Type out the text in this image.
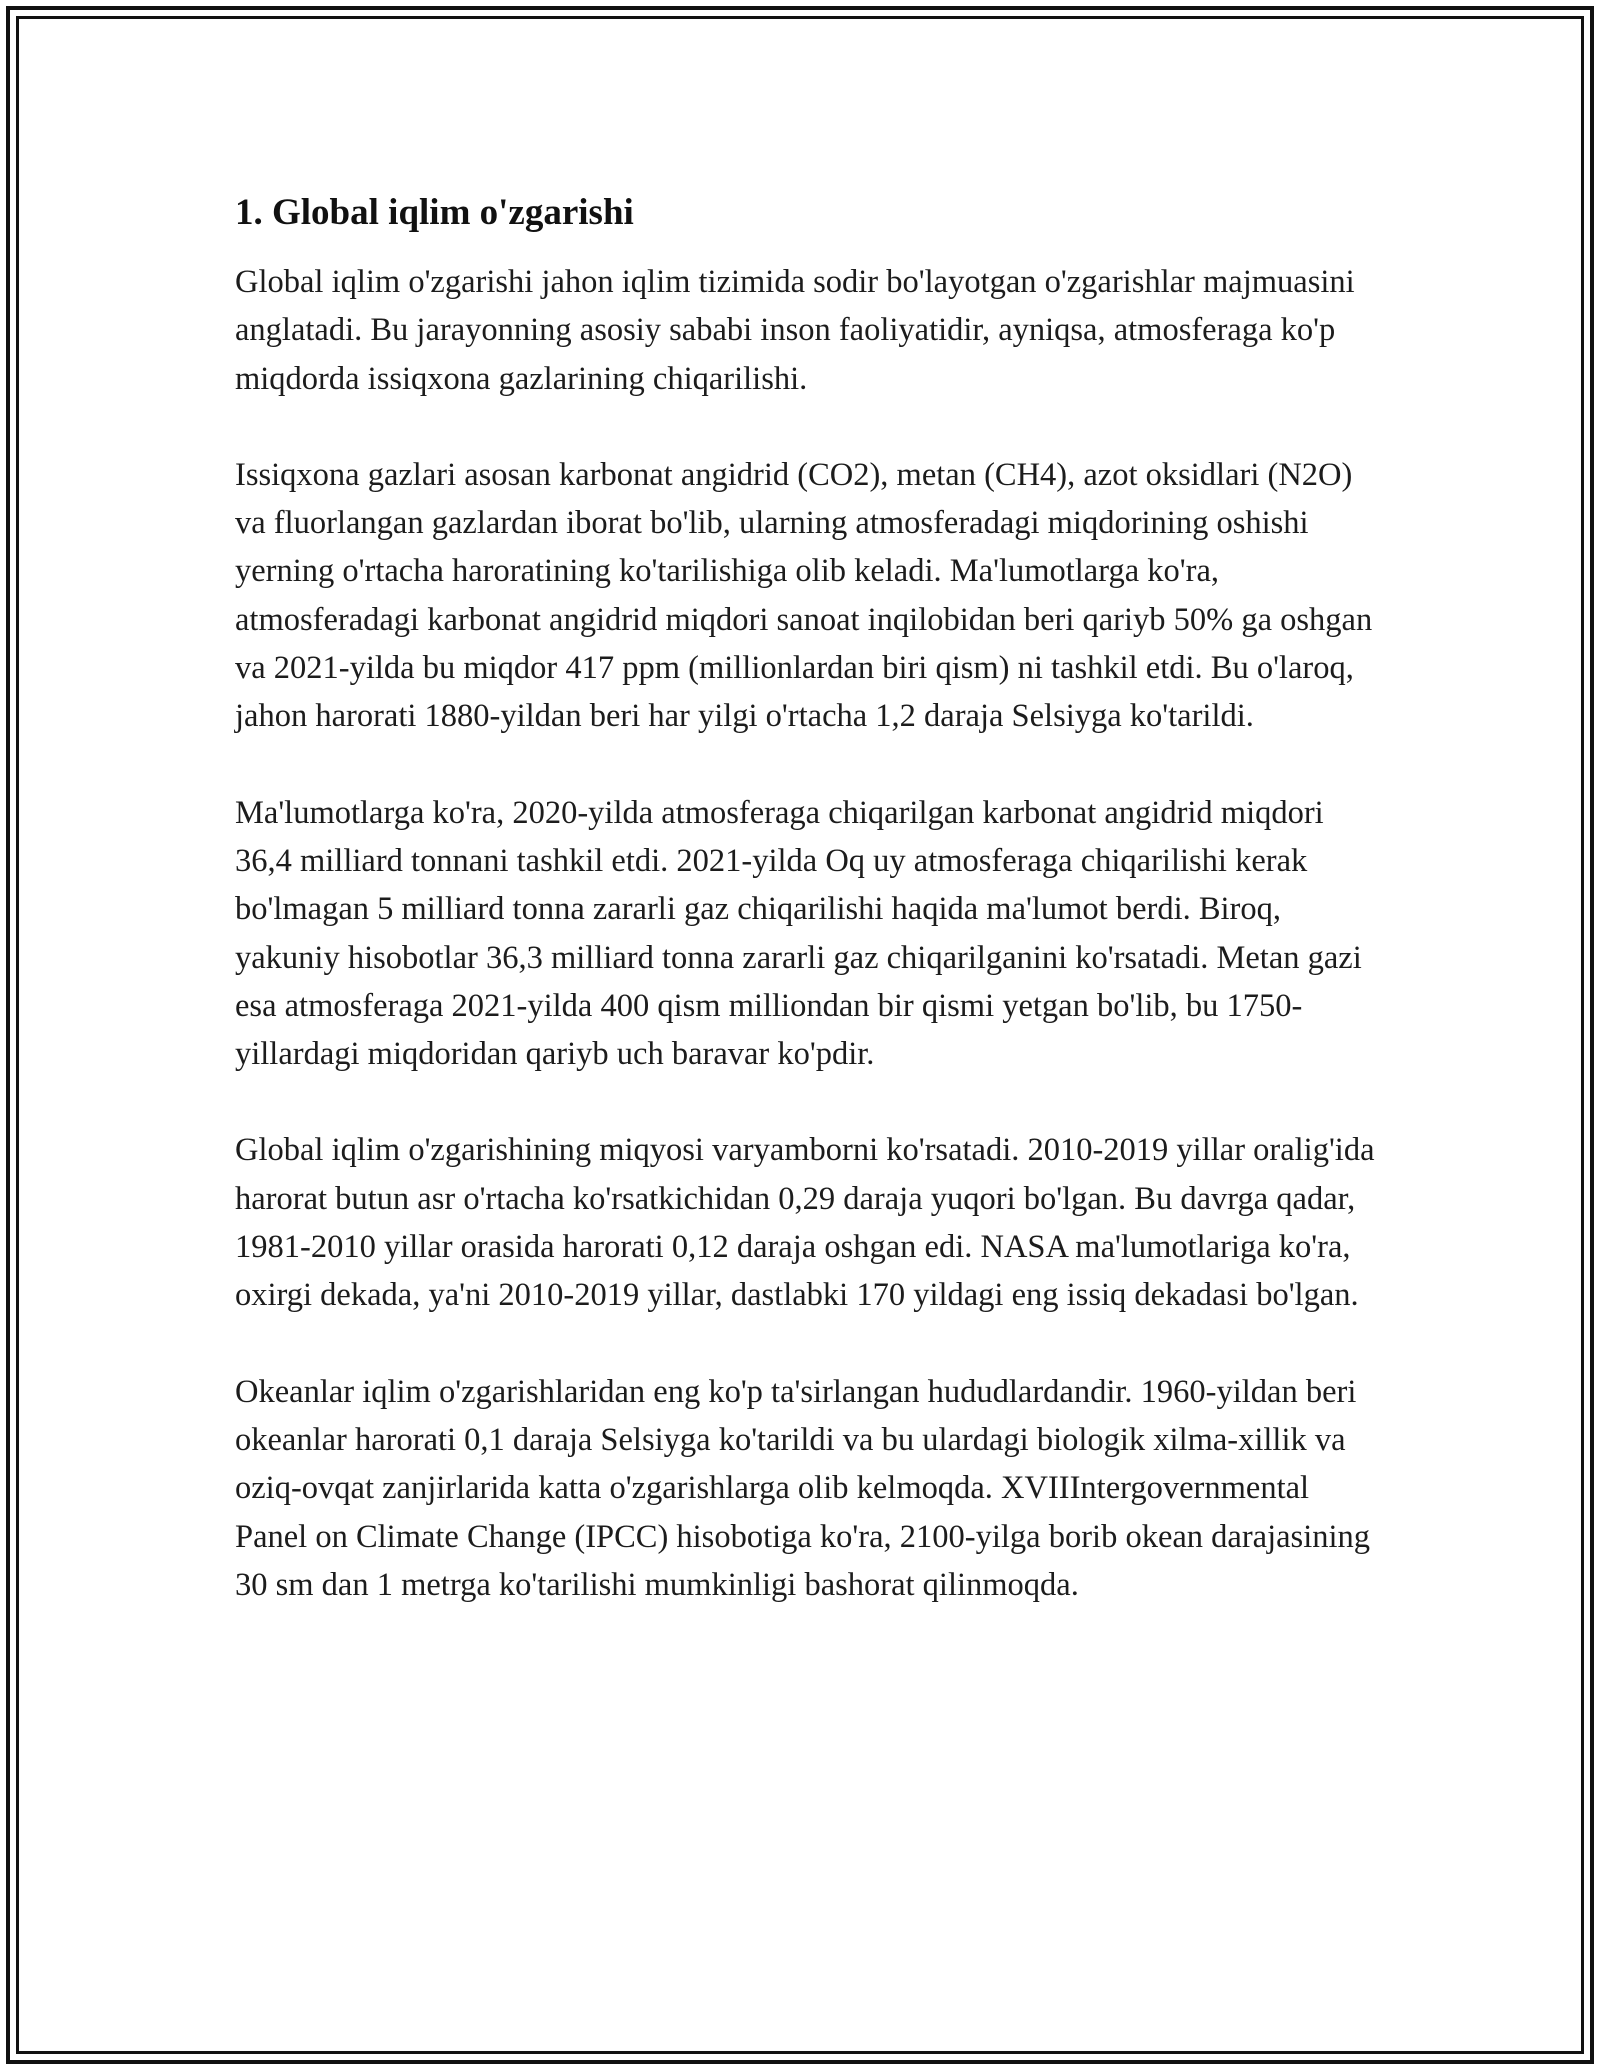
1. Global iqlim o'zgarishi

Global iqlim o'zgarishi jahon iqlim tizimida sodir bo'layotgan o'zgarishlar majmuasini anglatadi. Bu jarayonning asosiy sababi inson faoliyatidir, ayniqsa, atmosferaga ko'p miqdorda issiqxona gazlarining chiqarilishi.

Issiqxona gazlari asosan karbonat angidrid (CO2), metan (CH4), azot oksidlari (N2O) va fluorlangan gazlardan iborat bo'lib, ularning atmosferadagi miqdorining oshishi yerning o'rtacha haroratining ko'tarilishiga olib keladi. Ma'lumotlarga ko'ra, atmosferadagi karbonat angidrid miqdori sanoat inqilobidan beri qariyb 50% ga oshgan va 2021-yilda bu miqdor 417 ppm (millionlardan biri qism) ni tashkil etdi. Bu o'laroq, jahon harorati 1880-yildan beri har yilgi o'rtacha 1,2 daraja Selsiyga ko'tarildi.

Ma'lumotlarga ko'ra, 2020-yilda atmosferaga chiqarilgan karbonat angidrid miqdori 36,4 milliard tonnani tashkil etdi. 2021-yilda Oq uy atmosferaga chiqarilishi kerak bo'lmagan 5 milliard tonna zararli gaz chiqarilishi haqida ma'lumot berdi. Biroq, yakuniy hisobotlar 36,3 milliard tonna zararli gaz chiqarilganini ko'rsatadi. Metan gazi esa atmosferaga 2021-yilda 400 qism milliondan bir qismi yetgan bo'lib, bu 1750-yillardagi miqdoridan qariyb uch baravar ko'pdir.

Global iqlim o'zgarishining miqyosi varyamborni ko'rsatadi. 2010-2019 yillar oralig'ida harorat butun asr o'rtacha ko'rsatkichidan 0,29 daraja yuqori bo'lgan. Bu davrga qadar, 1981-2010 yillar orasida harorati 0,12 daraja oshgan edi. NASA ma'lumotlariga ko'ra, oxirgi dekada, ya'ni 2010-2019 yillar, dastlabki 170 yildagi eng issiq dekadasi bo'lgan.

Okeanlar iqlim o'zgarishlaridan eng ko'p ta'sirlangan hududlardandir. 1960-yildan beri okeanlar harorati 0,1 daraja Selsiyga ko'tarildi va bu ulardagi biologik xilma-xillik va oziq-ovqat zanjirlarida katta o'zgarishlarga olib kelmoqda. XVIIIntergovernmental Panel on Climate Change (IPCC) hisobotiga ko'ra, 2100-yilga borib okean darajasining 30 sm dan 1 metrga ko'tarilishi mumkinligi bashorat qilinmoqda.
